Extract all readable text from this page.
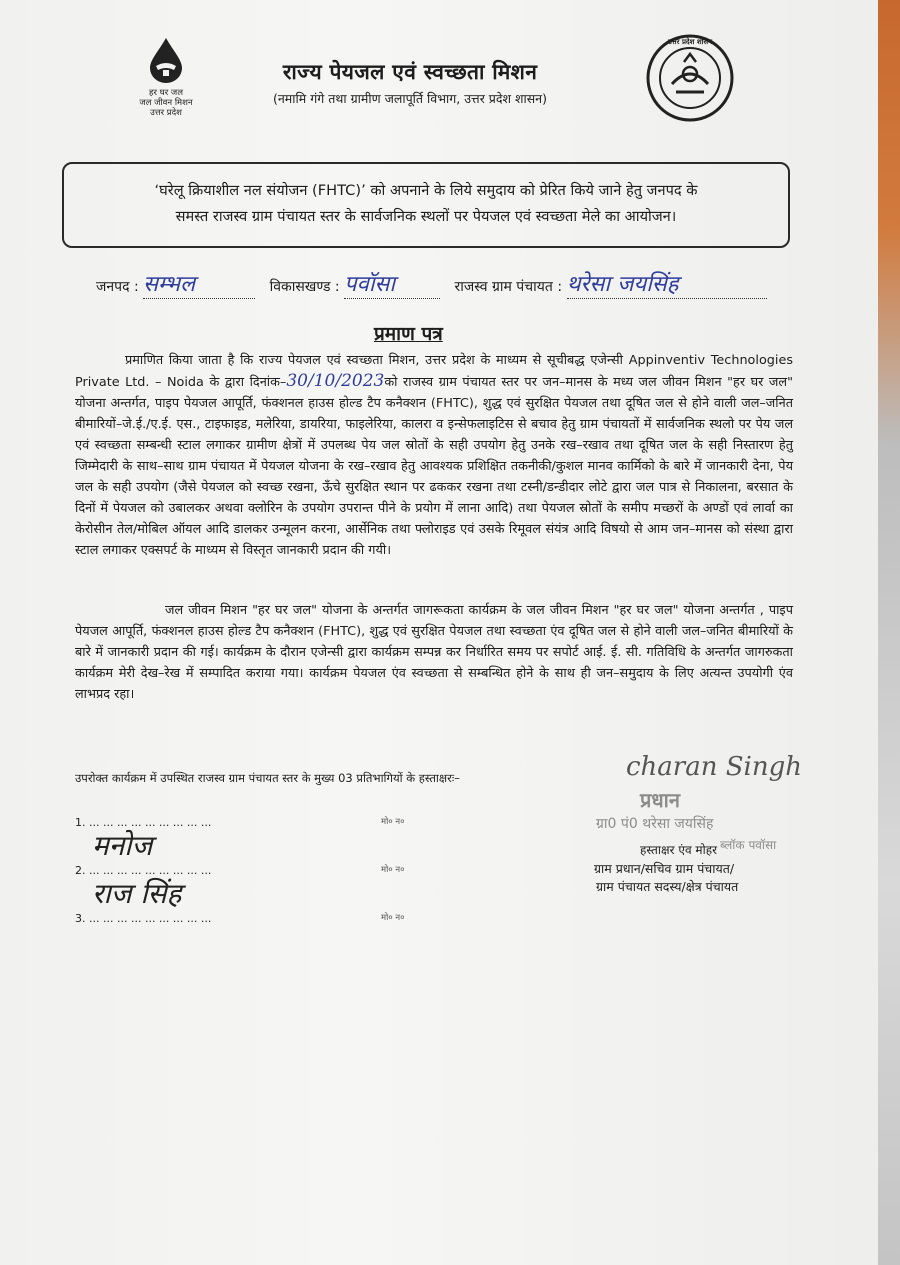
हर घर जल
जल जीवन मिशन
उत्तर प्रदेश
राज्य पेयजल एवं स्वच्छता मिशन
(नमामि गंगे तथा ग्रामीण जलापूर्ति विभाग, उत्तर प्रदेश शासन)
उत्तर प्रदेश शासन
‘घरेलू क्रियाशील नल संयोजन (FHTC)’ को अपनाने के लिये समुदाय को प्रेरित किये जाने हेतु जनपद के
समस्त राजस्व ग्राम पंचायत स्तर के सार्वजनिक स्थलों पर पेयजल एवं स्वच्छता मेले का आयोजन।
जनपद : सम्भल	विकासखण्ड : पवॉसा	राजस्व ग्राम पंचायत : थरेसा जयसिंह
प्रमाण पत्र
प्रमाणित किया जाता है कि राज्य पेयजल एवं स्वच्छता मिशन, उत्तर प्रदेश के माध्यम से सूचीबद्ध एजेन्सी Appinventiv Technologies Private Ltd. – Noida के द्वारा दिनांक–30/10/2023को राजस्व ग्राम पंचायत स्तर पर जन–मानस के मध्य जल जीवन मिशन "हर घर जल" योजना अन्तर्गत, पाइप पेयजल आपूर्ति, फंक्शनल हाउस होल्ड टैप कनैक्शन (FHTC), शुद्ध एवं सुरक्षित पेयजल तथा दूषित जल से होने वाली जल–जनित बीमारियों–जे.ई./ए.ई. एस., टाइफाइड, मलेरिया, डायरिया, फाइलेरिया, कालरा व इन्सेफलाइटिस से बचाव हेतु ग्राम पंचायतों में सार्वजनिक स्थलो पर पेय जल एवं स्वच्छता सम्बन्धी स्टाल लगाकर ग्रामीण क्षेत्रों में उपलब्ध पेय जल स्रोतों के सही उपयोग हेतु उनके रख–रखाव तथा दूषित जल के सही निस्तारण हेतु जिम्मेदारी के साथ–साथ ग्राम पंचायत में पेयजल योजना के रख–रखाव हेतु आवश्यक प्रशिक्षित तकनीकी/कुशल मानव कार्मिको के बारे में जानकारी देना, पेय जल के सही उपयोग (जैसे पेयजल को स्वच्छ रखना, ऊँचे सुरक्षित स्थान पर ढककर रखना तथा टस्नी/डन्डीदार लोटे द्वारा जल पात्र से निकालना, बरसात के दिनों में पेयजल को उबालकर अथवा क्लोरिन के उपयोग उपरान्त पीने के प्रयोग में लाना आदि) तथा पेयजल स्रोतों के समीप मच्छरों के अण्डों एवं लार्वा का केरोसीन तेल/मोबिल ऑयल आदि डालकर उन्मूलन करना, आर्सेनिक तथा फ्लोराइड एवं उसके रिमूवल संयंत्र आदि विषयो से आम जन–मानस को संस्था द्वारा स्टाल लगाकर एक्सपर्ट के माध्यम से विस्तृत जानकारी प्रदान की गयी।
जल जीवन मिशन "हर घर जल" योजना के अन्तर्गत जागरूकता कार्यक्रम के जल जीवन मिशन "हर घर जल" योजना अन्तर्गत , पाइप पेयजल आपूर्ति, फंक्शनल हाउस होल्ड टैप कनैक्शन (FHTC), शुद्ध एवं सुरक्षित पेयजल तथा स्वच्छता एंव दूषित जल से होने वाली जल–जनित बीमारियों के बारे में जानकारी प्रदान की गई। कार्यक्रम के दौरान एजेन्सी द्वारा कार्यक्रम सम्पन्न कर निर्धारित समय पर सपोर्ट आई. ई. सी. गतिविधि के अन्तर्गत जागरुकता कार्यक्रम मेरी देख–रेख में सम्पादित कराया गया। कार्यक्रम पेयजल एंव स्वच्छता से सम्बन्धित होने के साथ ही जन–समुदाय के लिए अत्यन्त उपयोगी एंव लाभप्रद रहा।
उपरोक्त कार्यक्रम में उपस्थित राजस्व ग्राम पंचायत स्तर के मुख्य 03 प्रतिभागियों के हस्ताक्षरः–
1. ... ... ... ... ... ... ... ... ...	मो० न०
मनोज
2. ... ... ... ... ... ... ... ... ...	मो० न०
राज सिंह
3. ... ... ... ... ... ... ... ... ...	मो० न०
charan Singh
प्रधान
ग्रा0 पं0 थरेसा जयसिंह
ब्लॉक पवॉसा
हस्ताक्षर एंव मोहर
ग्राम प्रधान/सचिव ग्राम पंचायत/
ग्राम पंचायत सदस्य/क्षेत्र पंचायत
